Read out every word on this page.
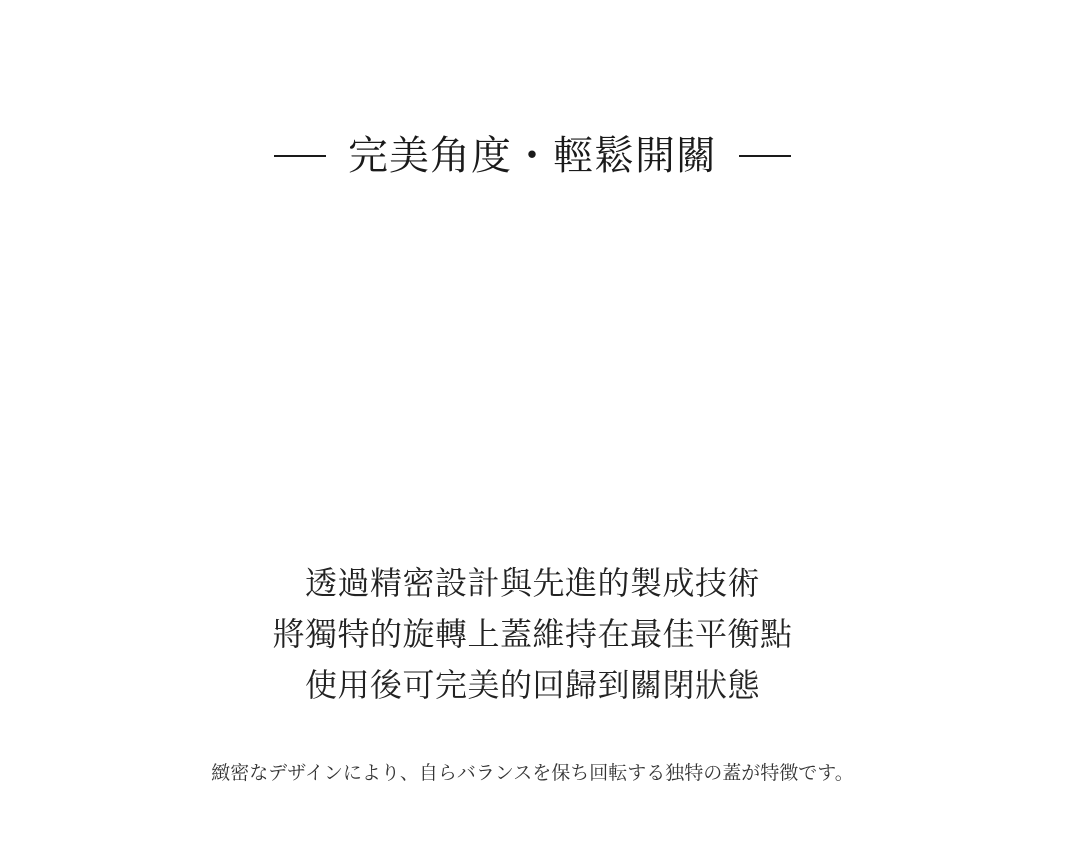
完美角度・輕鬆開關
透過精密設計與先進的製成技術
將獨特的旋轉上蓋維持在最佳平衡點
使用後可完美的回歸到關閉狀態
緻密なデザインにより、自らバランスを保ち回転する独特の蓋が特徴です。
